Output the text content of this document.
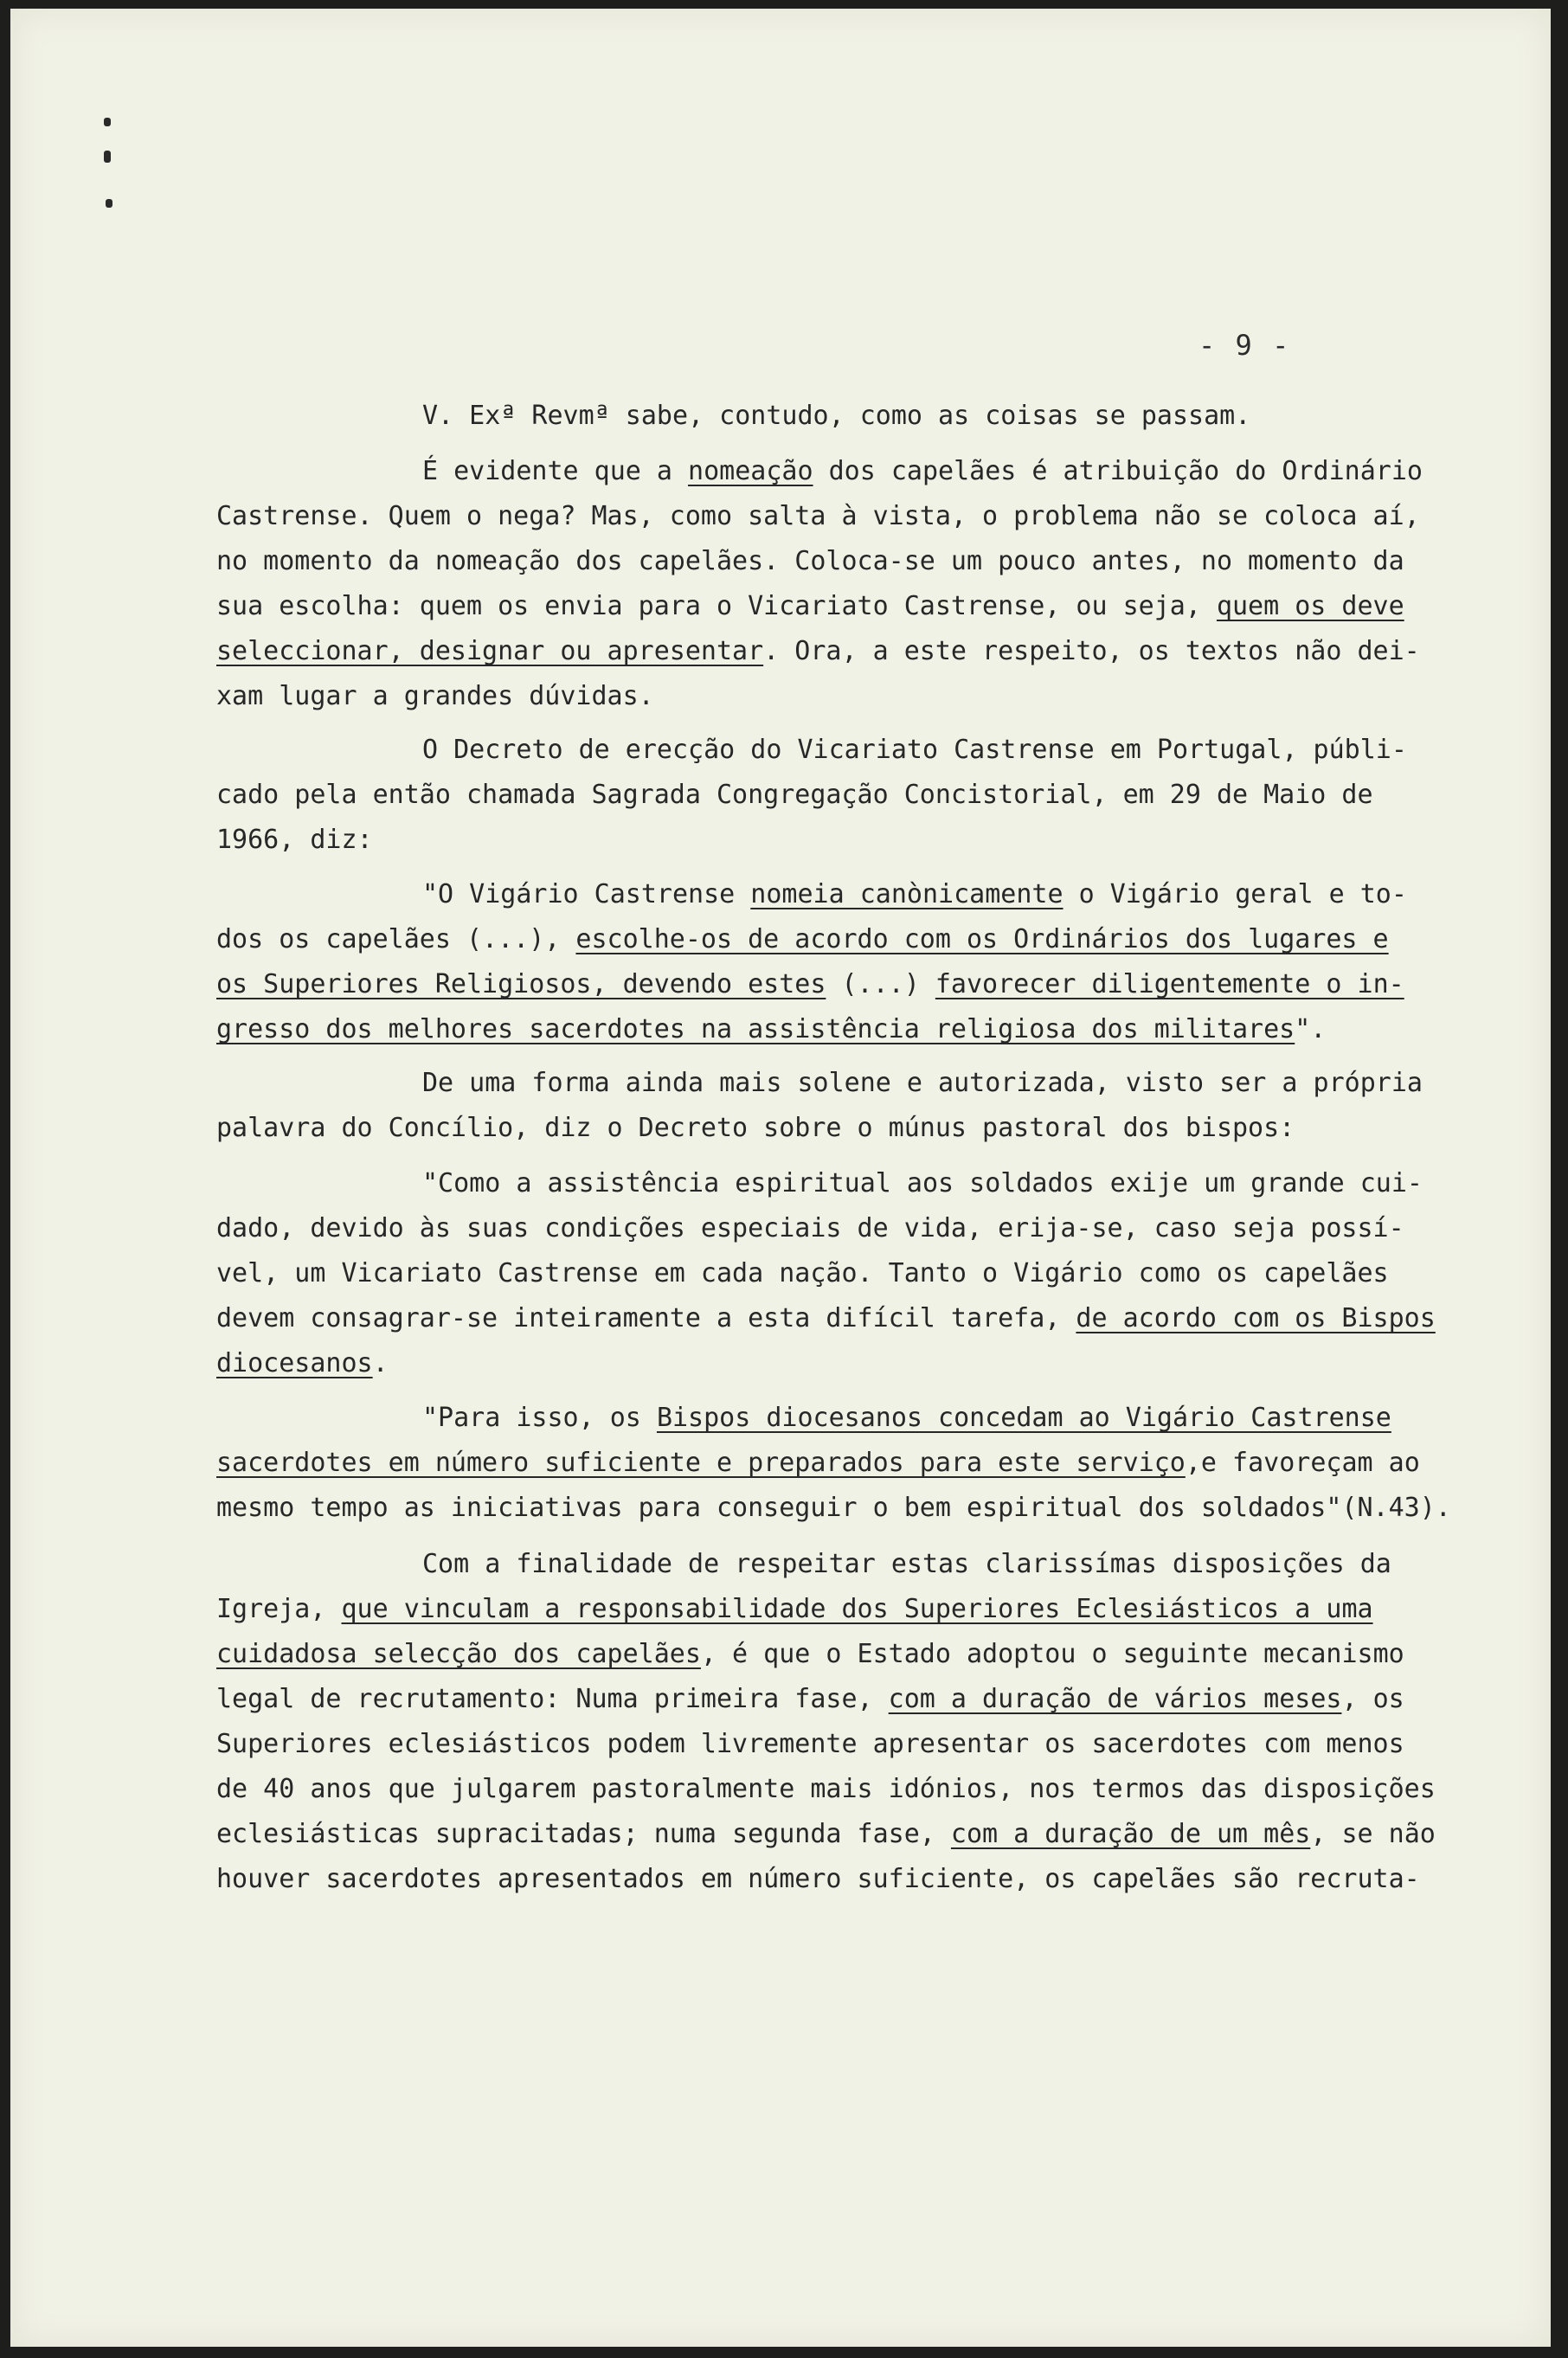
- 9 -
V. Exª Revmª sabe, contudo, como as coisas se passam.
É evidente que a nomeação dos capelães é atribuição do Ordinário
Castrense. Quem o nega? Mas, como salta à vista, o problema não se coloca aí,
no momento da nomeação dos capelães. Coloca-se um pouco antes, no momento da
sua escolha: quem os envia para o Vicariato Castrense, ou seja, quem os deve
seleccionar, designar ou apresentar. Ora, a este respeito, os textos não dei-
xam lugar a grandes dúvidas.
O Decreto de erecção do Vicariato Castrense em Portugal, públi-
cado pela então chamada Sagrada Congregação Concistorial, em 29 de Maio de
1966, diz:
"O Vigário Castrense nomeia canònicamente o Vigário geral e to-
dos os capelães (...), escolhe-os de acordo com os Ordinários dos lugares e
os Superiores Religiosos, devendo estes (...) favorecer diligentemente o in-
gresso dos melhores sacerdotes na assistência religiosa dos militares".
De uma forma ainda mais solene e autorizada, visto ser a própria
palavra do Concílio, diz o Decreto sobre o múnus pastoral dos bispos:
"Como a assistência espiritual aos soldados exije um grande cui-
dado, devido às suas condições especiais de vida, erija-se, caso seja possí-
vel, um Vicariato Castrense em cada nação. Tanto o Vigário como os capelães
devem consagrar-se inteiramente a esta difícil tarefa, de acordo com os Bispos
diocesanos.
"Para isso, os Bispos diocesanos concedam ao Vigário Castrense
sacerdotes em número suficiente e preparados para este serviço,e favoreçam ao
mesmo tempo as iniciativas para conseguir o bem espiritual dos soldados"(N.43).
Com a finalidade de respeitar estas clarissímas disposições da
Igreja, que vinculam a responsabilidade dos Superiores Eclesiásticos a uma
cuidadosa selecção dos capelães, é que o Estado adoptou o seguinte mecanismo
legal de recrutamento: Numa primeira fase, com a duração de vários meses, os
Superiores eclesiásticos podem livremente apresentar os sacerdotes com menos
de 40 anos que julgarem pastoralmente mais idónios, nos termos das disposições
eclesiásticas supracitadas; numa segunda fase, com a duração de um mês, se não
houver sacerdotes apresentados em número suficiente, os capelães são recruta-
